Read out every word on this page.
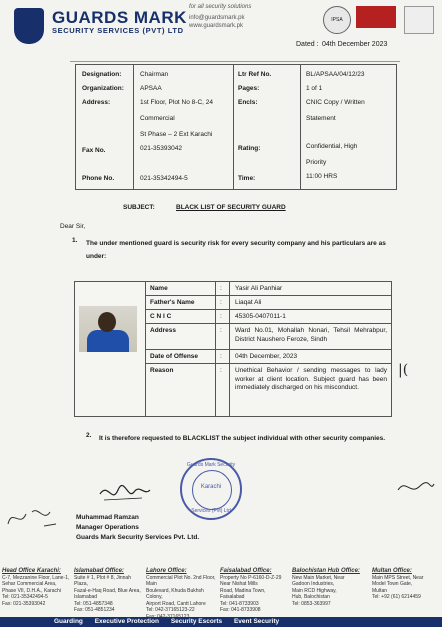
GUARDS MARK
SECURITY SERVICES (PVT) LTD
for all security solutions
info@guardsmark.pk
www.guardsmark.pk
IPSA
Dated : 04th December 2023
Designation:	Chairman
Organization: APSAA
Address:	1st Floor, Plot No 8-C, 24
Commercial
St Phase – 2 Ext Karachi
Fax No.	021-35393042
Phone No.	021-35342494-5
Ltr Ref No.	BL/APSAA/04/12/23
Pages:	1 of 1
Encls:	CNIC Copy / Written
Statement
Rating:	Confidential, High
Priority
Time:	11:00 HRS
SUBJECT:	BLACK LIST OF SECURITY GUARD
Dear Sir,
1. The under mentioned guard is security risk for every security company and his particulars are as under:
Name	: Yasir Ali Panhiar
Father's Name	: Liaqat Ali
C N I C	: 45305-0407011-1
Address	: Ward No.01, Mohallah Nonari, Tehsil Mehrabpur, District Naushero Feroze, Sindh
Date of Offense	: 04th December, 2023
Reason	: Unethical Behavior / sending messages to lady worker at client location. Subject guard has been immediately discharged on his misconduct.
|(
2. It is therefore requested to BLACKLIST the subject individual with other security companies.
Guards Mark Security
Karachi
Services (Pvt) Ltd
Muhammad Ramzan
Manager Operations
Guards Mark Security Services Pvt. Ltd.
Head Office Karachi:
C-7, Mezzanine Floor, Lane-1,
Sehar Commercial Area,
Phase VII, D.H.A., Karachi
Tel: 021-35342494-5
Fax: 021-35393042
Islamabad Office:
Suite # 1, Plot # 8, Jinnah Plaza,
Fazal-e-Haq Road, Blue Area,
Islamabad
Tel: 051-4857348
Fax: 051-4851234
Lahore Office:
Commercial Plot No. 2nd Floor, Main
Boulevard, Khuda Bukhsh Colony,
Airport Road, Cantt Lahore
Tel: 042-37165123-22
Faisalabad Office:
Property No P-6160-D-Z-29
Near Nishat Mills
Road, Madina Town, Faisalabad
Tel: 041-8733903
Fax: 041-8733908
Balochistan Hub Office:
New Main Market, Near
Gadoon Industries,
Main RCD Highway,
Hub, Balochistan
Tel: 0853-363997
Multan Office:
Main MPS Street, Near
Model Town Gate,
Multan
Tel: +92 (61) 6214459
Guarding Executive Protection Security Escorts Event Security
